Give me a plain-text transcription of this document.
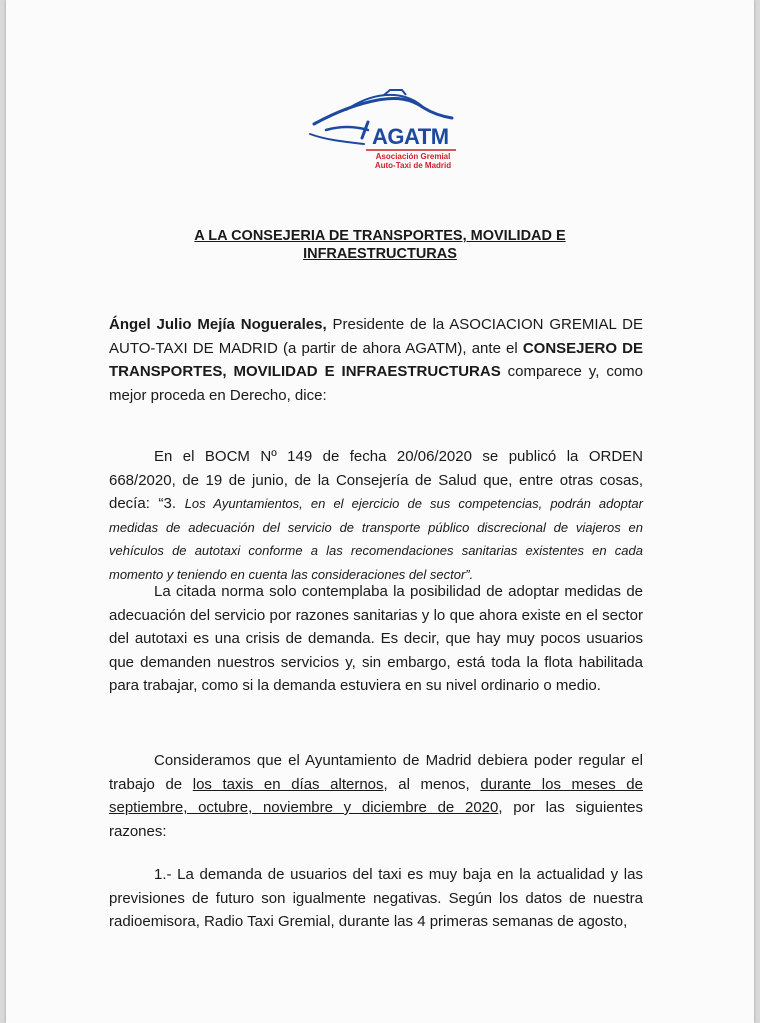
AGATM
Asociación Gremial
Auto-Taxi de Madrid
A LA CONSEJERIA DE TRANSPORTES, MOVILIDAD E
INFRAESTRUCTURAS
Ángel Julio Mejía Noguerales, Presidente de la ASOCIACION GREMIAL DE AUTO-TAXI DE MADRID (a partir de ahora AGATM), ante el CONSEJERO DE TRANSPORTES, MOVILIDAD E INFRAESTRUCTURAS comparece y, como mejor proceda en Derecho, dice:
En el BOCM Nº 149 de fecha 20/06/2020 se publicó la ORDEN 668/2020, de 19 de junio, de la Consejería de Salud que, entre otras cosas, decía: “3. Los Ayuntamientos, en el ejercicio de sus competencias, podrán adoptar medidas de adecuación del servicio de transporte público discrecional de viajeros en vehículos de autotaxi conforme a las recomendaciones sanitarias existentes en cada momento y teniendo en cuenta las consideraciones del sector”.
La citada norma solo contemplaba la posibilidad de adoptar medidas de adecuación del servicio por razones sanitarias y lo que ahora existe en el sector del autotaxi es una crisis de demanda. Es decir, que hay muy pocos usuarios que demanden nuestros servicios y, sin embargo, está toda la flota habilitada para trabajar, como si la demanda estuviera en su nivel ordinario o medio.
Consideramos que el Ayuntamiento de Madrid debiera poder regular el trabajo de los taxis en días alternos, al menos, durante los meses de septiembre, octubre, noviembre y diciembre de 2020, por las siguientes razones:
1.- La demanda de usuarios del taxi es muy baja en la actualidad y las previsiones de futuro son igualmente negativas. Según los datos de nuestra radioemisora, Radio Taxi Gremial, durante las 4 primeras semanas de agosto,
